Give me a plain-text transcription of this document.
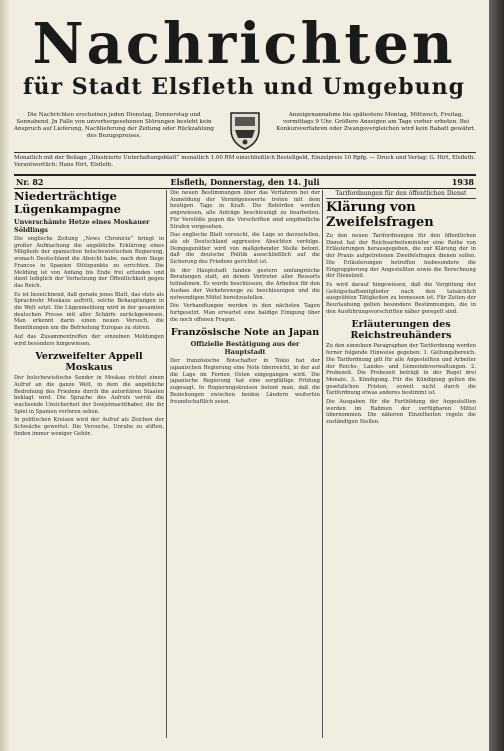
Nachrichten
für Stadt Elsfleth und Umgebung
Die Nachrichten erscheinen jeden Dienstag, Donnerstag und Sonnabend. Jn Falle von unvorhergesehenen Störungen besteht kein Anspruch auf Lieferung, Nachlieferung der Zeitung oder Rückzahlung des Bezugspreises.
Anzeigenannahme bis spätestens Montag, Mittwoch, Freitag, vormittags 9 Uhr. Größere Anzeigen am Tage vorher erbeten. Bei Konkursverfahren oder Zwangsvergleichen wird kein Rabatt gewährt.
Monatlich mit der Beilage „Illustrierte Unterhaltungsblatt“ monatlich 1.00 RM einschließlich Bestellgeld, Einzelpreis 10 Rpfg. — Druck und Verlag: G. Hirt, Elsfleth. Verantwortlich: Hans Hirt, Elsfleth.
Nr. 82	Elsfleth, Donnerstag, den 14. Juli	1938
Niederträchtige Lügenkampagne
Unverschämte Hetze eines Moskauer Söldlings

Die englische Zeitung „News Chronicle“ bringt in großer Aufmachung die angebliche Erklärung eines Mitglieds der spanischen bolschewistischen Regierung, wonach Deutschland die Absicht habe, nach dem Siege Francos in Spanien Stützpunkte zu errichten. Die Meldung ist von Anfang bis Ende frei erfunden und dient lediglich der Verhetzung der Öffentlichkeit gegen das Reich.

Es ist bezeichnend, daß gerade jenes Blatt, das stets als Sprachrohr Moskaus auftritt, solche Behauptungen in die Welt setzt. Die Lügenmeldung wird in der gesamten deutschen Presse mit aller Schärfe zurückgewiesen. Man erkennt darin einen neuen Versuch, die Bemühungen um die Befriedung Europas zu stören.

Auf das Zusammentreffen der einzelnen Meldungen wird besonders hingewiesen.

Verzweifelter Appell Moskaus

Der bolschewistische Sender in Moskau richtet einen Aufruf an die ganze Welt, in dem die angebliche Bedrohung des Friedens durch die autoritären Staaten beklagt wird. Die Sprache des Aufrufs verrät die wachsende Unsicherheit der Sowjetmachthaber, die ihr Spiel in Spanien verloren sehen.

In politischen Kreisen wird der Aufruf als Zeichen der Schwäche gewertet. Die Versuche, Unruhe zu stiften, finden immer weniger Gehör.

Die neuen Bestimmungen über das Verfahren bei der Anmeldung der Vermögenswerte treten mit dem heutigen Tage in Kraft. Die Behörden werden angewiesen, alle Anträge beschleunigt zu bearbeiten. Für Verstöße gegen die Vorschriften sind empfindliche Strafen vorgesehen.

Das englische Blatt versucht, die Lage so darzustellen, als ob Deutschland aggressive Absichten verfolge. Demgegenüber wird von maßgebender Stelle betont, daß die deutsche Politik ausschließlich auf die Sicherung des Friedens gerichtet ist.

In der Hauptstadt fanden gestern umfangreiche Beratungen statt, an denen Vertreter aller Ressorts teilnahmen. Es wurde beschlossen, die Arbeiten für den Ausbau der Verkehrswege zu beschleunigen und die notwendigen Mittel bereitzustellen.

Die Verhandlungen werden in den nächsten Tagen fortgesetzt. Man erwartet eine baldige Einigung über die noch offenen Fragen.

Französische Note an Japan
Offizielle Bestätigung aus der Hauptstadt

Der französische Botschafter in Tokio hat der japanischen Regierung eine Note überreicht, in der auf die Lage im Fernen Osten eingegangen wird. Die japanische Regierung hat eine sorgfältige Prüfung zugesagt. In Regierungskreisen betont man, daß die Beziehungen zwischen beiden Ländern weiterhin freundschaftlich seien.

Tarifordnungen für den öffentlichen Dienst
Klärung von Zweifelsfragen

Zu den neuen Tarifordnungen für den öffentlichen Dienst hat der Reichsarbeitsminister eine Reihe von Erläuterungen herausgegeben, die zur Klärung der in der Praxis aufgetretenen Zweifelsfragen dienen sollen. Die Erläuterungen betreffen insbesondere die Eingruppierung der Angestellten sowie die Berechnung der Dienstzeit.

Es wird darauf hingewiesen, daß die Vergütung der Gefolgschaftsmitglieder nach den tatsächlich ausgeübten Tätigkeiten zu bemessen ist. Für Zeiten der Beurlaubung gelten besondere Bestimmungen, die in den Ausführungsvorschriften näher geregelt sind.

Erläuterungen des Reichstreuhänders

Zu den einzelnen Paragraphen der Tarifordnung werden ferner folgende Hinweise gegeben: 1. Geltungsbereich. Die Tarifordnung gilt für alle Angestellten und Arbeiter der Reichs-, Landes- und Gemeindeverwaltungen. 2. Probezeit. Die Probezeit beträgt in der Regel drei Monate. 3. Kündigung. Für die Kündigung gelten die gesetzlichen Fristen, soweit nicht durch die Tarifordnung etwas anderes bestimmt ist.

Die Ausgaben für die Fortbildung der Angestellten werden im Rahmen der verfügbaren Mittel übernommen. Die näheren Einzelheiten regeln die zuständigen Stellen.
